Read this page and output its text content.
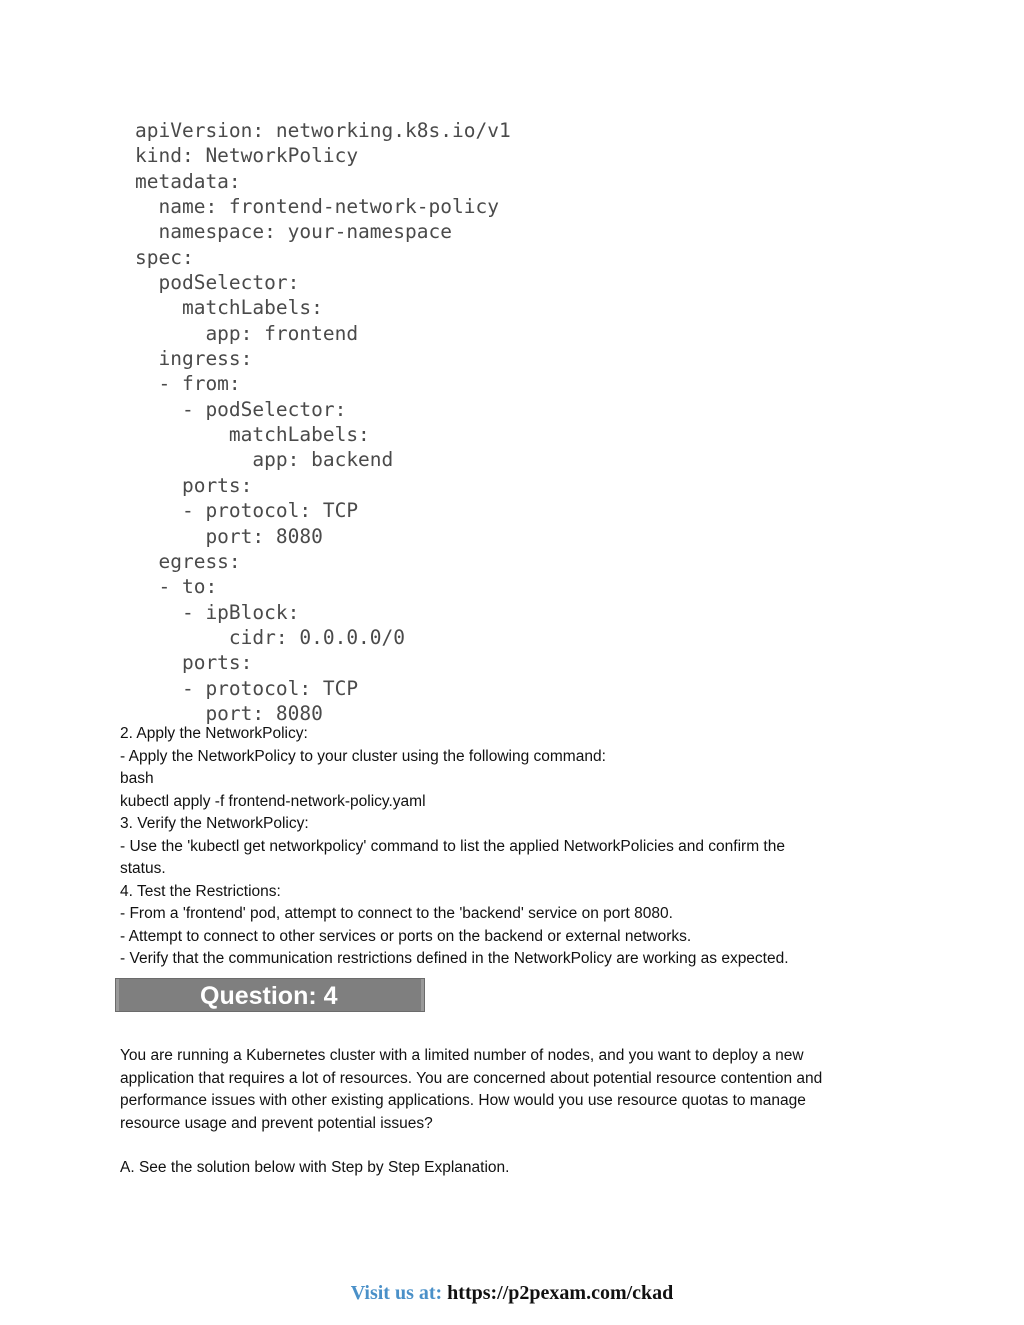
apiVersion: networking.k8s.io/v1
kind: NetworkPolicy
metadata:
name: frontend-network-policy
namespace: your-namespace
spec:
podSelector:
matchLabels:
app: frontend
ingress:
- from:
- podSelector:
matchLabels:
app: backend
ports:
- protocol: TCP
port: 8080
egress:
- to:
- ipBlock:
cidr: 0.0.0.0/0
ports:
- protocol: TCP
port: 8080
2. Apply the NetworkPolicy:
- Apply the NetworkPolicy to your cluster using the following command:
bash
kubectl apply -f frontend-network-policy.yaml
3. Verify the NetworkPolicy:
- Use the 'kubectl get networkpolicy' command to list the applied NetworkPolicies and confirm the
status.
4. Test the Restrictions:
- From a 'frontend' pod, attempt to connect to the 'backend' service on port 8080.
- Attempt to connect to other services or ports on the backend or external networks.
- Verify that the communication restrictions defined in the NetworkPolicy are working as expected.
Question: 4
You are running a Kubernetes cluster with a limited number of nodes, and you want to deploy a new
application that requires a lot of resources. You are concerned about potential resource contention and
performance issues with other existing applications. How would you use resource quotas to manage
resource usage and prevent potential issues?
A. See the solution below with Step by Step Explanation.
Visit us at: https://p2pexam.com/ckad
